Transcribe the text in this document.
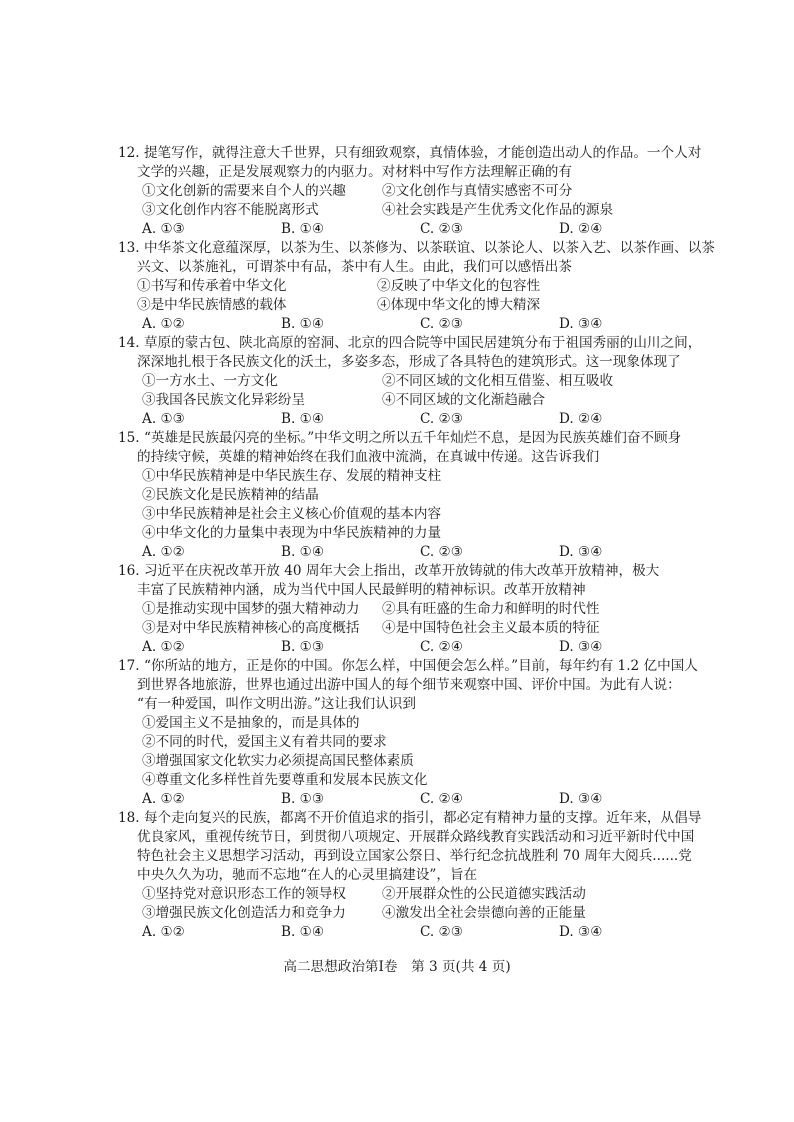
12. 提笔写作，就得注意大千世界，只有细致观察，真情体验，才能创造出动人的作品。一个人对
文学的兴趣，正是发展观察力的内驱力。对材料中写作方法理解正确的有
①文化创新的需要来自个人的兴趣	②文化创作与真情实感密不可分
③文化创作内容不能脱离形式	④社会实践是产生优秀文化作品的源泉
A. ①③	B. ①④	C. ②③	D. ②④
13. 中华茶文化意蕴深厚，以茶为生、以茶修为、以茶联谊、以茶论人、以茶入艺、以茶作画、以茶
兴文、以茶施礼，可谓茶中有品，茶中有人生。由此，我们可以感悟出茶
①书写和传承着中华文化	②反映了中华文化的包容性
③是中华民族情感的载体	④体现中华文化的博大精深
A. ①②	B. ①④	C. ②③	D. ③④
14. 草原的蒙古包、陕北高原的窑洞、北京的四合院等中国民居建筑分布于祖国秀丽的山川之间，
深深地扎根于各民族文化的沃土，多姿多态，形成了各具特色的建筑形式。这一现象体现了
①一方水土、一方文化	②不同区域的文化相互借鉴、相互吸收
③我国各民族文化异彩纷呈	④不同区域的文化渐趋融合
A. ①③	B. ①④	C. ②③	D. ②④
15. “英雄是民族最闪亮的坐标。”中华文明之所以五千年灿烂不息，是因为民族英雄们奋不顾身
的持续守候，英雄的精神始终在我们血液中流淌，在真诚中传递。这告诉我们
①中华民族精神是中华民族生存、发展的精神支柱
②民族文化是民族精神的结晶
③中华民族精神是社会主义核心价值观的基本内容
④中华文化的力量集中表现为中华民族精神的力量
A. ①②	B. ①④	C. ②③	D. ③④
16. 习近平在庆祝改革开放 40 周年大会上指出，改革开放铸就的伟大改革开放精神，极大
丰富了民族精神内涵，成为当代中国人民最鲜明的精神标识。改革开放精神
①是推动实现中国梦的强大精神动力	②具有旺盛的生命力和鲜明的时代性
③是对中华民族精神核心的高度概括	④是中国特色社会主义最本质的特征
A. ①②	B. ①③	C. ②④	D. ③④
17. “你所站的地方，正是你的中国。你怎么样，中国便会怎么样。”目前，每年约有 1.2 亿中国人
到世界各地旅游，世界也通过出游中国人的每个细节来观察中国、评价中国。为此有人说：
“有一种爱国，叫作文明出游。”这让我们认识到
①爱国主义不是抽象的，而是具体的
②不同的时代，爱国主义有着共同的要求
③增强国家文化软实力必须提高国民整体素质
④尊重文化多样性首先要尊重和发展本民族文化
A. ①②	B. ①③	C. ②④	D. ③④
18. 每个走向复兴的民族，都离不开价值追求的指引，都必定有精神力量的支撑。近年来，从倡导
优良家风，重视传统节日，到贯彻八项规定、开展群众路线教育实践活动和习近平新时代中国
特色社会主义思想学习活动，再到设立国家公祭日、举行纪念抗战胜利 70 周年大阅兵......党
中央久久为功，驰而不忘地“在人的心灵里搞建设”，旨在
①坚持党对意识形态工作的领导权	②开展群众性的公民道德实践活动
③增强民族文化创造活力和竞争力	④激发出全社会崇德向善的正能量
A. ①②	B. ①④	C. ②③	D. ③④
高二思想政治第Ⅰ卷　第 3 页(共 4 页)
